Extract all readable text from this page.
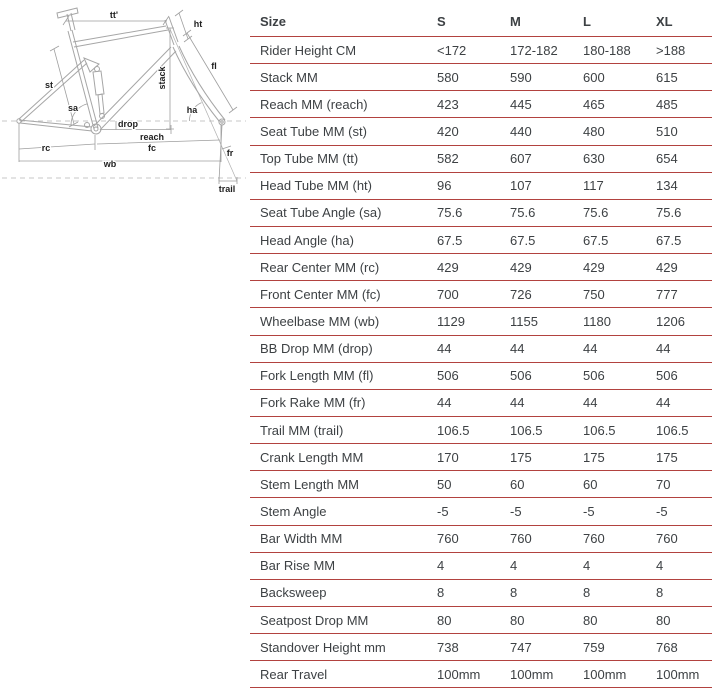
tt'
ht
fl
stack
st
sa	ha
drop
reach
rc	fc
wb
fr
trail
Size	S	M	L	XL
Rider Height CM	<172	172-182	180-188	>188
Stack MM	580	590	600	615
Reach MM (reach)	423	445	465	485
Seat Tube MM (st)	420	440	480	510
Top Tube MM (tt)	582	607	630	654
Head Tube MM (ht)	96	107	117	134
Seat Tube Angle (sa)	75.6	75.6	75.6	75.6
Head Angle (ha)	67.5	67.5	67.5	67.5
Rear Center MM (rc)	429	429	429	429
Front Center MM (fc)	700	726	750	777
Wheelbase MM (wb)	1129	1155	1180	1206
BB Drop MM (drop)	44	44	44	44
Fork Length MM (fl)	506	506	506	506
Fork Rake MM (fr)	44	44	44	44
Trail MM (trail)	106.5	106.5	106.5	106.5
Crank Length MM	170	175	175	175
Stem Length MM	50	60	60	70
Stem Angle	-5	-5	-5	-5
Bar Width MM	760	760	760	760
Bar Rise MM	4	4	4	4
Backsweep	8	8	8	8
Seatpost Drop MM	80	80	80	80
Standover Height mm	738	747	759	768
Rear Travel	100mm	100mm	100mm	100mm
